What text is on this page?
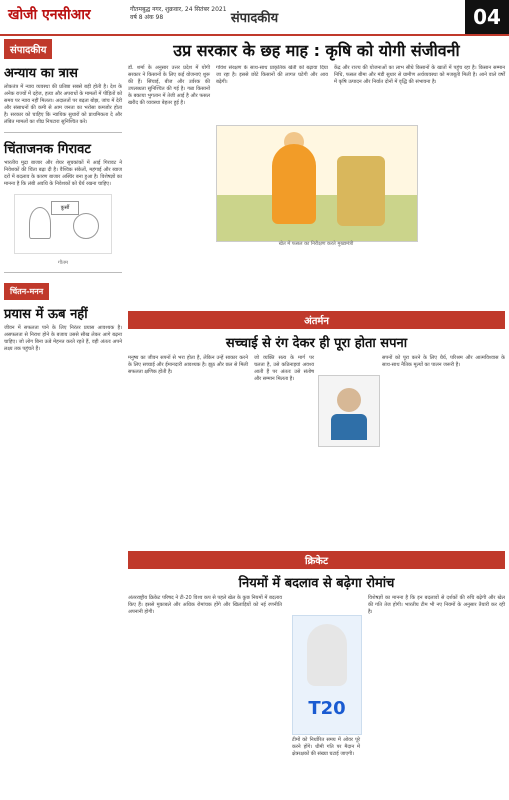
खोजी एनसीआर	गौतमबुद्ध नगर, शुक्रवार, 24 सितंबर 2021
वर्ष 8 अंक 98	संपादकीय	04
संपादकीय
अन्याय का त्रास
लोकतंत्र में न्याय व्यवस्था की प्रतिष्ठा सबसे बड़ी होती है। देश के अनेक राज्यों में दहेज, हत्या और अपराधों के मामलों में पीड़ितों को समय पर न्याय नहीं मिलता। अदालतों पर बढ़ता बोझ, जांच में देरी और संसाधनों की कमी से आम जनता का भरोसा कमजोर होता है। सरकार को चाहिए कि न्यायिक सुधारों को प्राथमिकता दे और लंबित मामलों का शीघ्र निपटारा सुनिश्चित करे।
चिंताजनक गिरावट
भारतीय मुद्रा बाजार और शेयर सूचकांकों में आई गिरावट ने निवेशकों की चिंता बढ़ा दी है। वैश्विक संकेतों, महंगाई और ब्याज दरों में बदलाव के कारण बाजार अस्थिर बना हुआ है। विशेषज्ञों का मानना है कि लंबी अवधि के निवेशकों को धैर्य रखना चाहिए।
कुर्सी
गौतम
चिंतन-मनन
प्रयास में ऊब नहीं
जीवन में सफलता पाने के लिए निरंतर प्रयास आवश्यक है। असफलता से निराश होने के बजाय उससे सीख लेकर आगे बढ़ना चाहिए। जो लोग बिना ऊबे मेहनत करते रहते हैं, वही अंततः अपने लक्ष्य तक पहुंचते हैं।
उप्र सरकार के छह माह : कृषि को योगी संजीवनी
डॉ. शर्मा के अनुसार उत्तर प्रदेश में योगी सरकार ने किसानों के लिए कई योजनाएं शुरू की हैं। सिंचाई, बीज और उर्वरक की उपलब्धता सुनिश्चित की गई है। गन्ना किसानों के बकाया भुगतान में तेजी आई है और फसल खरीद की व्यवस्था बेहतर हुई है।
गोवंश संरक्षण के साथ-साथ प्राकृतिक खेती को बढ़ावा दिया जा रहा है। इससे छोटे किसानों की लागत घटेगी और आय बढ़ेगी।
केंद्र और राज्य की योजनाओं का लाभ सीधे किसानों के खातों में पहुंच रहा है। किसान सम्मान निधि, फसल बीमा और मंडी सुधार से ग्रामीण अर्थव्यवस्था को मजबूती मिली है। आने वाले वर्षों में कृषि उत्पादन और निर्यात दोनों में वृद्धि की संभावना है।
खेत में फसल का निरीक्षण करते मुख्यमंत्री
अंतर्मन
सच्चाई से रंग देकर ही पूरा होता सपना
मनुष्य का जीवन सपनों से भरा होता है, लेकिन उन्हें साकार करने के लिए सच्चाई और ईमानदारी आवश्यक है। झूठ और छल से मिली सफलता क्षणिक होती है।
जो व्यक्ति सत्य के मार्ग पर चलता है, उसे कठिनाइयां अवश्य आती हैं पर अंततः उसे संतोष और सम्मान मिलता है।
सपनों को पूरा करने के लिए धैर्य, परिश्रम और आत्मविश्वास के साथ-साथ नैतिक मूल्यों का पालन जरूरी है।
क्रिकेट
नियमों में बदलाव से बढ़ेगा रोमांच
अंतरराष्ट्रीय क्रिकेट परिषद ने टी-20 विश्व कप से पहले खेल के कुछ नियमों में बदलाव किए हैं। इससे मुकाबले और अधिक रोमांचक होंगे और खिलाड़ियों को नई रणनीति अपनानी होगी।
T20
टीमों को निर्धारित समय में ओवर पूरे करने होंगे। धीमी गति पर मैदान में क्षेत्ररक्षकों की संख्या घटाई जाएगी।
विशेषज्ञों का मानना है कि इन बदलावों से दर्शकों की रुचि बढ़ेगी और खेल की गति तेज होगी। भारतीय टीम भी नए नियमों के अनुसार तैयारी कर रही है।
